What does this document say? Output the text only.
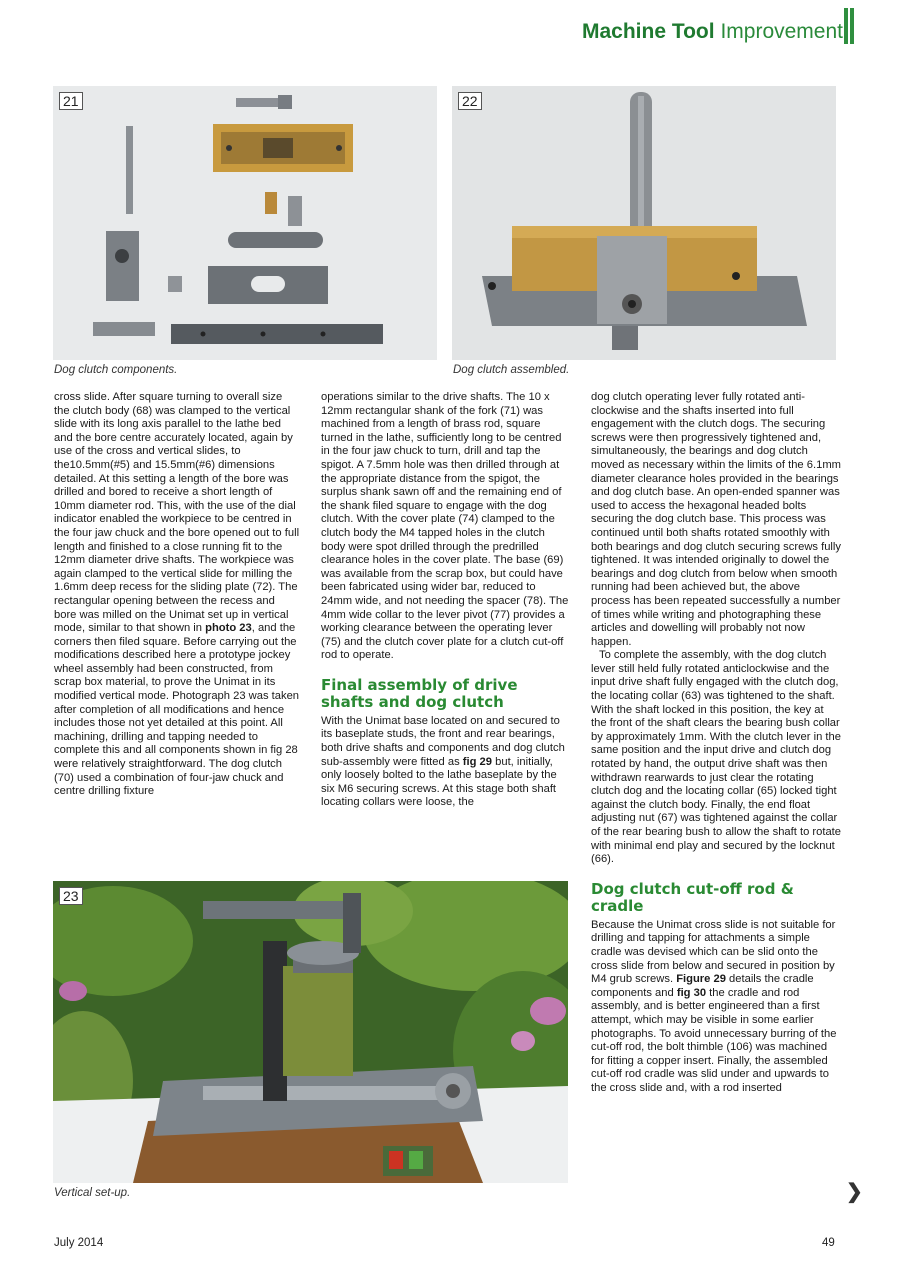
Machine Tool Improvement
21
Dog clutch components.
22
Dog clutch assembled.

cross slide. After square turning to overall size the clutch body (68) was clamped to the vertical slide with its long axis parallel to the lathe bed and the bore centre accurately located, again by use of the cross and vertical slides, to the10.5mm(#5) and 15.5mm(#6) dimensions detailed. At this setting a length of the bore was drilled and bored to receive a short length of 10mm diameter rod. This, with the use of the dial indicator enabled the workpiece to be centred in the four jaw chuck and the bore opened out to full length and finished to a close running fit to the 12mm diameter drive shafts. The workpiece was again clamped to the vertical slide for milling the 1.6mm deep recess for the sliding plate (72). The rectangular opening between the recess and bore was milled on the Unimat set up in vertical mode, similar to that shown in photo 23, and the corners then filed square. Before carrying out the modifications described here a prototype jockey wheel assembly had been constructed, from scrap box material, to prove the Unimat in its modified vertical mode. Photograph 23 was taken after completion of all modifications and hence includes those not yet detailed at this point. All machining, drilling and tapping needed to complete this and all components shown in fig 28 were relatively straightforward. The dog clutch (70) used a combination of four-jaw chuck and centre drilling fixture

operations similar to the drive shafts. The 10 x 12mm rectangular shank of the fork (71) was machined from a length of brass rod, square turned in the lathe, sufficiently long to be centred in the four jaw chuck to turn, drill and tap the spigot. A 7.5mm hole was then drilled through at the appropriate distance from the spigot, the surplus shank sawn off and the remaining end of the shank filed square to engage with the dog clutch. With the cover plate (74) clamped to the clutch body the M4 tapped holes in the clutch body were spot drilled through the predrilled clearance holes in the cover plate. The base (69) was available from the scrap box, but could have been fabricated using wider bar, reduced to 24mm wide, and not needing the spacer (78). The 4mm wide collar to the lever pivot (77) provides a working clearance between the operating lever (75) and the clutch cover plate for a clutch cut-off rod to operate.

Final assembly of drive shafts and dog clutch

With the Unimat base located on and secured to its baseplate studs, the front and rear bearings, both drive shafts and components and dog clutch sub-assembly were fitted as fig 29 but, initially, only loosely bolted to the lathe baseplate by the six M6 securing screws. At this stage both shaft locating collars were loose, the

dog clutch operating lever fully rotated anti-clockwise and the shafts inserted into full engagement with the clutch dogs. The securing screws were then progressively tightened and, simultaneously, the bearings and dog clutch moved as necessary within the limits of the 6.1mm diameter clearance holes provided in the bearings and dog clutch base. An open-ended spanner was used to access the hexagonal headed bolts securing the dog clutch base. This process was continued until both shafts rotated smoothly with both bearings and dog clutch securing screws fully tightened. It was intended originally to dowel the bearings and dog clutch from below when smooth running had been achieved but, the above process has been repeated successfully a number of times while writing and photographing these articles and dowelling will probably not now happen.

To complete the assembly, with the dog clutch lever still held fully rotated anticlockwise and the input drive shaft fully engaged with the clutch dog, the locating collar (63) was tightened to the shaft. With the shaft locked in this position, the key at the front of the shaft clears the bearing bush collar by approximately 1mm. With the clutch lever in the same position and the input drive and clutch dog rotated by hand, the output drive shaft was then withdrawn rearwards to just clear the rotating clutch dog and the locating collar (65) locked tight against the clutch body. Finally, the end float adjusting nut (67) was tightened against the collar of the rear bearing bush to allow the shaft to rotate with minimal end play and secured by the locknut (66).

Dog clutch cut-off rod & cradle

Because the Unimat cross slide is not suitable for drilling and tapping for attachments a simple cradle was devised which can be slid onto the cross slide from below and secured in position by M4 grub screws. Figure 29 details the cradle components and fig 30 the cradle and rod assembly, and is better engineered than a first attempt, which may be visible in some earlier photographs. To avoid unnecessary burring of the cut-off rod, the bolt thimble (106) was machined for fitting a copper insert. Finally, the assembled cut-off rod cradle was slid under and upwards to the cross slide and, with a rod inserted

23
Vertical set-up.	❯
July 2014	49
